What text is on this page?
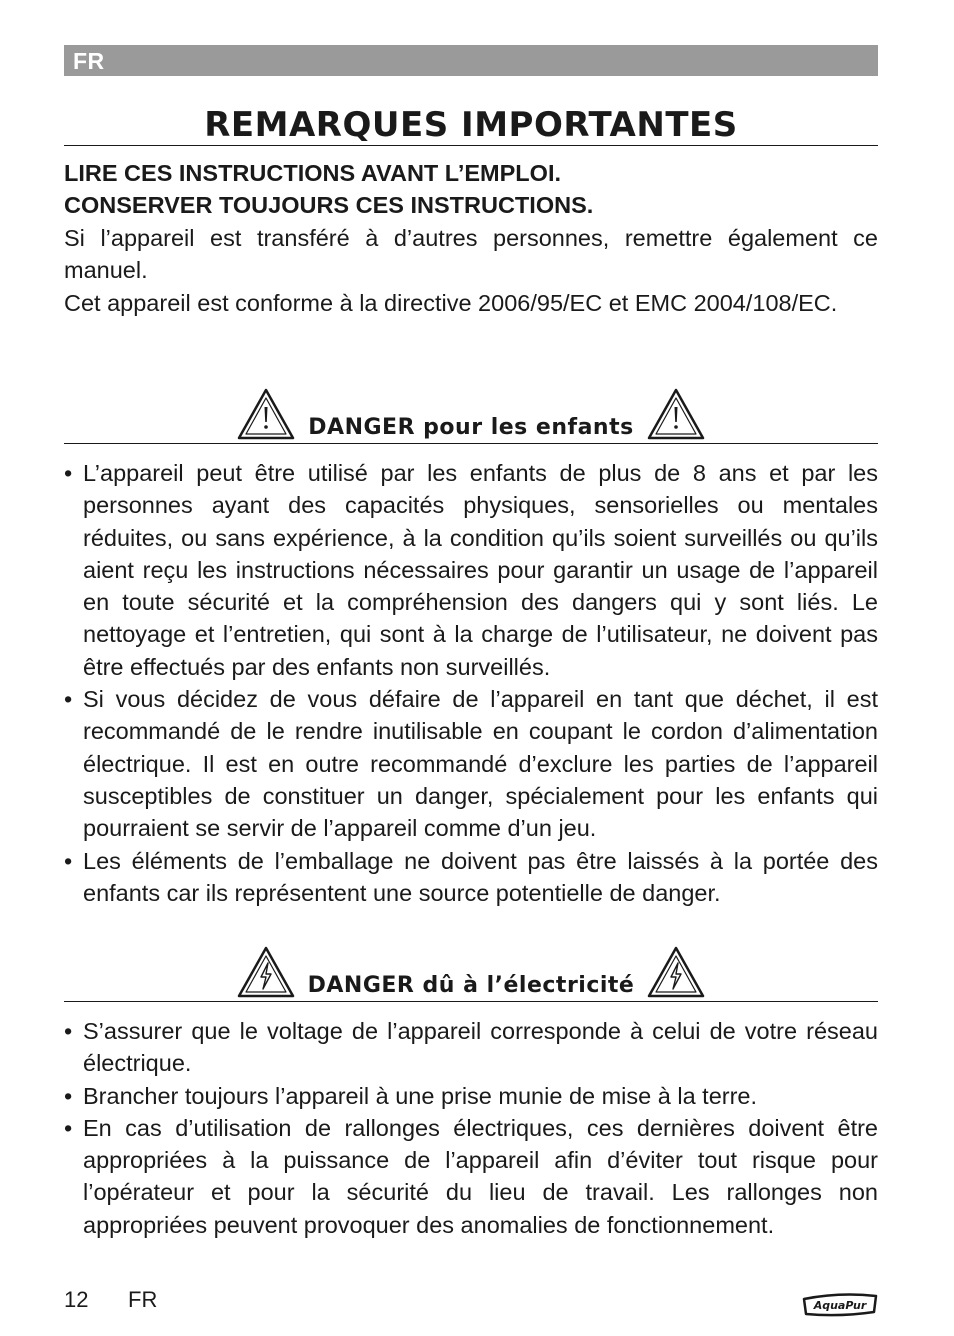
FR
REMARQUES IMPORTANTES
LIRE CES INSTRUCTIONS AVANT L’EMPLOI.
CONSERVER TOUJOURS CES INSTRUCTIONS.

Si l’appareil est transféré à d’autres personnes, remettre également ce manuel.

Cet appareil est conforme à la directive 2006/95/EC et EMC 2004/108/EC.

DANGER pour les enfants
• L’appareil peut être utilisé par les enfants de plus de 8 ans et par les personnes ayant des capacités physiques, sensorielles ou mentales réduites, ou sans expérience, à la condition qu’ils soient surveillés ou qu’ils aient reçu les instructions nécessaires pour garantir un usage de l’appareil en toute sécurité et la compréhension des dangers qui y sont liés. Le nettoyage et l’entretien, qui sont à la charge de l’utilisateur, ne doivent pas être effectués par des enfants non surveillés.
• Si vous décidez de vous défaire de l’appareil en tant que déchet, il est recommandé de le rendre inutilisable en coupant le cordon d’alimentation électrique. Il est en outre recommandé d’exclure les parties de l’appareil susceptibles de constituer un danger, spécialement pour les enfants qui pourraient se servir de l’appareil comme d’un jeu.
• Les éléments de l’emballage ne doivent pas être laissés à la portée des enfants car ils représentent une source potentielle de danger.
DANGER dû à l’électricité
• S’assurer que le voltage de l’appareil corresponde à celui de votre réseau électrique.
• Brancher toujours l’appareil à une prise munie de mise à la terre.
• En cas d’utilisation de rallonges électriques, ces dernières doivent être appropriées à la puissance de l’appareil afin d’éviter tout risque pour l’opérateur et pour la sécurité du lieu de travail. Les rallonges non appropriées peuvent provoquer des anomalies de fonctionnement.
12 FR	AquaPur
